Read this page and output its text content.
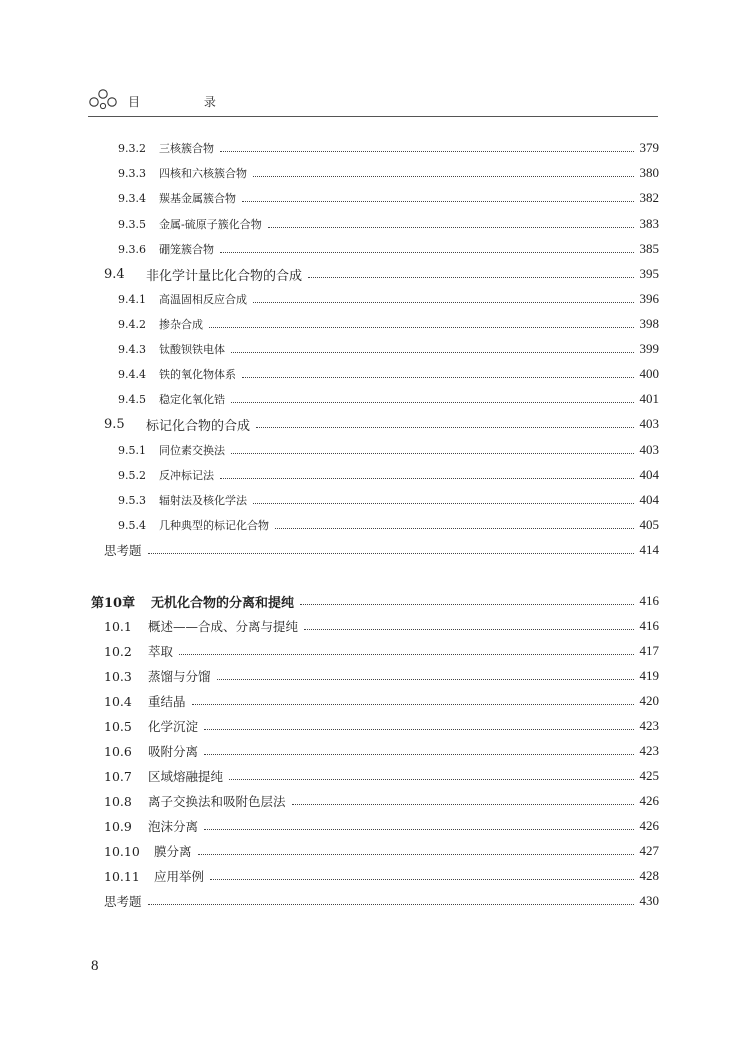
目 录
9.3.2	三核簇合物	379
9.3.3	四核和六核簇合物	380
9.3.4	羰基金属簇合物	382
9.3.5	金属-硫原子簇化合物	383
9.3.6	硼笼簇合物	385
9.4	非化学计量比化合物的合成	395
9.4.1	高温固相反应合成	396
9.4.2	掺杂合成	398
9.4.3	钛酸钡铁电体	399
9.4.4	铁的氧化物体系	400
9.4.5	稳定化氧化锆	401
9.5	标记化合物的合成	403
9.5.1	同位素交换法	403
9.5.2	反冲标记法	404
9.5.3	辐射法及核化学法	404
9.5.4	几种典型的标记化合物	405
思考题	414
第10章	无机化合物的分离和提纯	416
10.1	概述——合成、分离与提纯	416
10.2	萃取	417
10.3	蒸馏与分馏	419
10.4	重结晶	420
10.5	化学沉淀	423
10.6	吸附分离	423
10.7	区域熔融提纯	425
10.8	离子交换法和吸附色层法	426
10.9	泡沫分离	426
10.10	膜分离	427
10.11	应用举例	428
思考题	430
8
